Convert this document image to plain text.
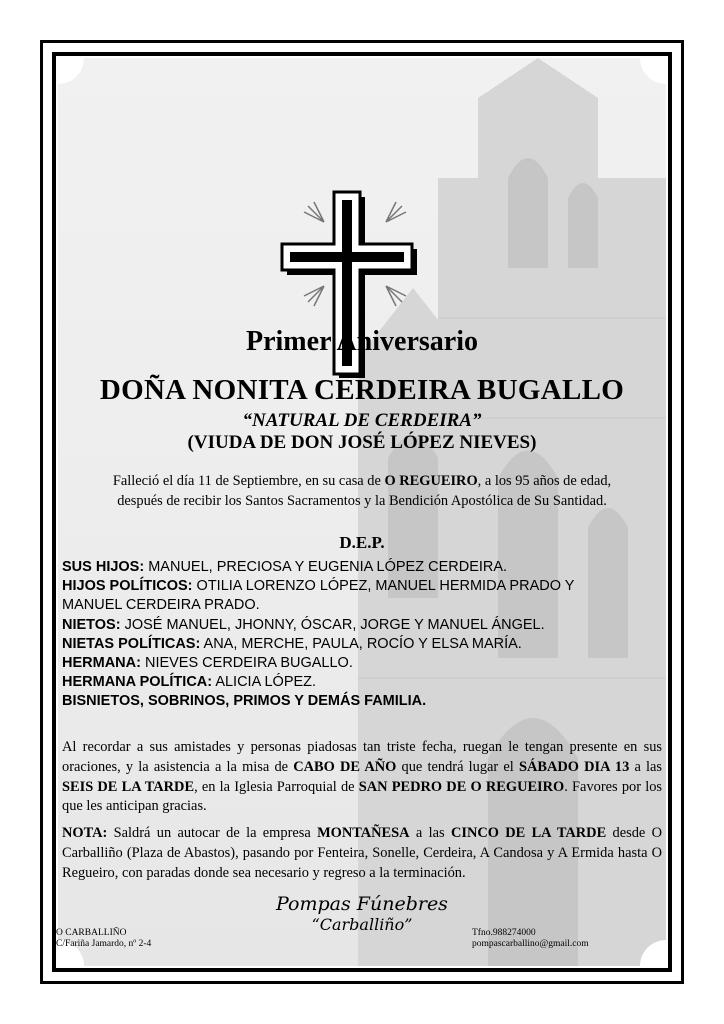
Primer Aniversario
DOÑA NONITA CERDEIRA BUGALLO
“NATURAL DE CERDEIRA”
(VIUDA DE DON JOSÉ LÓPEZ NIEVES)
Falleció el día 11 de Septiembre, en su casa de O REGUEIRO, a los 95 años de edad,
después de recibir los Santos Sacramentos y la Bendición Apostólica de Su Santidad.
D.E.P.
SUS HIJOS: MANUEL, PRECIOSA Y EUGENIA LÓPEZ CERDEIRA.
HIJOS POLÍTICOS: OTILIA LORENZO LÓPEZ, MANUEL HERMIDA PRADO Y
MANUEL CERDEIRA PRADO.
NIETOS: JOSÉ MANUEL, JHONNY, ÓSCAR, JORGE Y MANUEL ÁNGEL.
NIETAS POLÍTICAS: ANA, MERCHE, PAULA, ROCÍO Y ELSA MARÍA.
HERMANA: NIEVES CERDEIRA BUGALLO.
HERMANA POLÍTICA: ALICIA LÓPEZ.
BISNIETOS, SOBRINOS, PRIMOS Y DEMÁS FAMILIA.
Al recordar a sus amistades y personas piadosas tan triste fecha, ruegan le tengan presente en sus oraciones, y la asistencia a la misa de CABO DE AÑO que tendrá lugar el SÁBADO DIA 13 a las SEIS DE LA TARDE, en la Iglesia Parroquial de SAN PEDRO DE O REGUEIRO. Favores por los que les anticipan gracias.
NOTA: Saldrá un autocar de la empresa MONTAÑESA a las CINCO DE LA TARDE desde O Carballiño (Plaza de Abastos), pasando por Fenteira, Sonelle, Cerdeira, A Candosa y A Ermida hasta O Regueiro, con paradas donde sea necesario y regreso a la terminación.
O CARBALLIÑO
C/Fariña Jamardo, nº 2-4
Pompas Fúnebres
“Carballiño”	Tfno.988274000
pompascarballino@gmail.com
